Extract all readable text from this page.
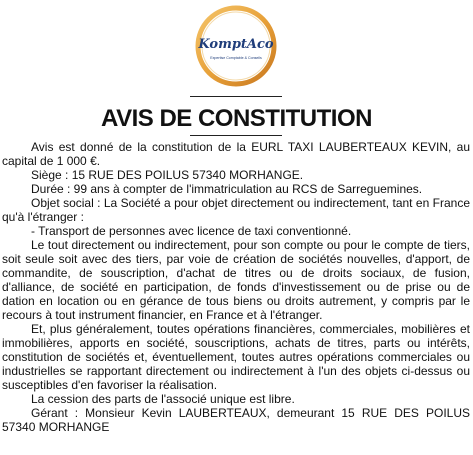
KomptAco
Expertise Comptable & Conseils
AVIS DE CONSTITUTION

Avis est donné de la constitution de la EURL TAXI LAUBERTEAUX KEVIN, au capital de 1 000 €.

Siège : 15 RUE DES POILUS 57340 MORHANGE.

Durée : 99 ans à compter de l'immatriculation au RCS de Sarreguemines.

Objet social : La Société a pour objet directement ou indirectement, tant en France qu'à l'étranger :

- Transport de personnes avec licence de taxi conventionné.

Le tout directement ou indirectement, pour son compte ou pour le compte de tiers, soit seule soit avec des tiers, par voie de création de sociétés nouvelles, d'apport, de commandite, de souscription, d'achat de titres ou de droits sociaux, de fusion, d'alliance, de société en participation, de fonds d'investissement ou de prise ou de dation en location ou en gérance de tous biens ou droits autrement, y compris par le recours à tout instrument financier, en France et à l'étranger.

Et, plus généralement, toutes opérations financières, commerciales, mobilières et immobilières, apports en société, souscriptions, achats de titres, parts ou intérêts, constitution de sociétés et, éventuellement, toutes autres opérations commerciales ou industrielles se rapportant directement ou indirectement à l'un des objets ci-dessus ou susceptibles d'en favoriser la réalisation.

La cession des parts de l'associé unique est libre.

Gérant : Monsieur Kevin LAUBERTEAUX, demeurant 15 RUE DES POILUS 57340 MORHANGE
